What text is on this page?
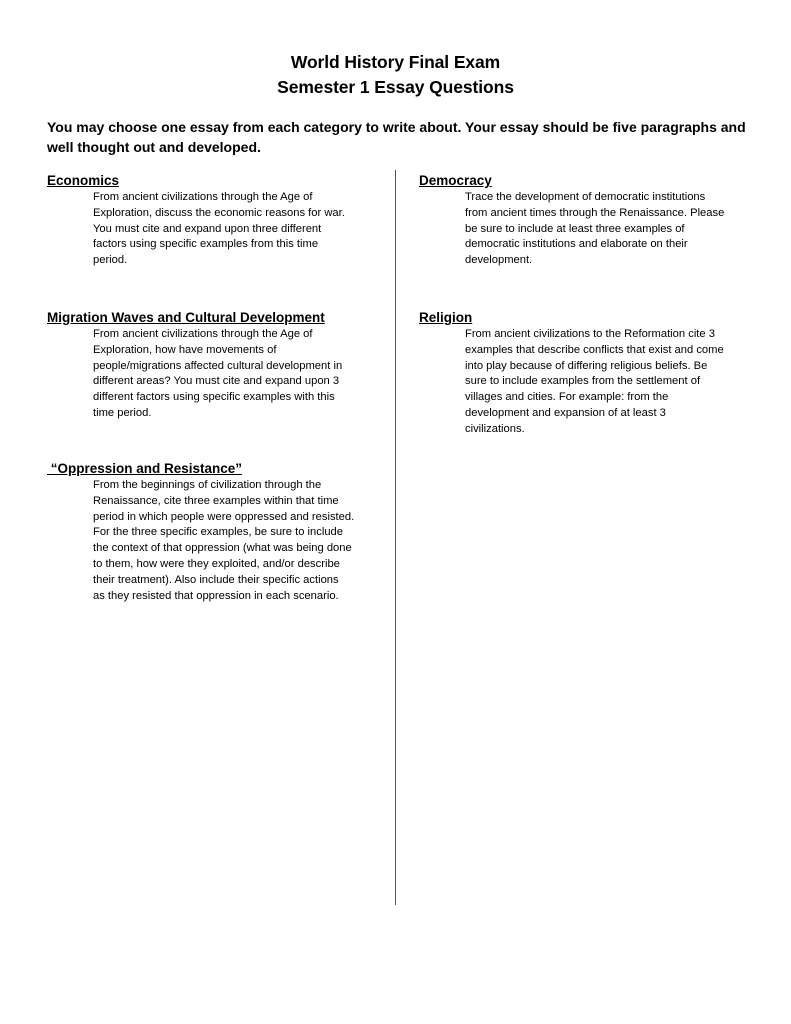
World History Final Exam
Semester 1 Essay Questions
You may choose one essay from each category to write about. Your essay should be five paragraphs and well thought out and developed.
Economics
From ancient civilizations through the Age of
Exploration, discuss the economic reasons for war.
You must cite and expand upon three different
factors using specific examples from this time
period.
Migration Waves and Cultural Development
From ancient civilizations through the Age of
Exploration, how have movements of
people/migrations affected cultural development in
different areas? You must cite and expand upon 3
different factors using specific examples with this
time period.
“Oppression and Resistance”
From the beginnings of civilization through the
Renaissance, cite three examples within that time
period in which people were oppressed and resisted.
For the three specific examples, be sure to include
the context of that oppression (what was being done
to them, how were they exploited, and/or describe
their treatment). Also include their specific actions
as they resisted that oppression in each scenario.
Democracy
Trace the development of democratic institutions
from ancient times through the Renaissance. Please
be sure to include at least three examples of
democratic institutions and elaborate on their
development.
Religion
From ancient civilizations to the Reformation cite 3
examples that describe conflicts that exist and come
into play because of differing religious beliefs. Be
sure to include examples from the settlement of
villages and cities. For example: from the
development and expansion of at least 3
civilizations.
